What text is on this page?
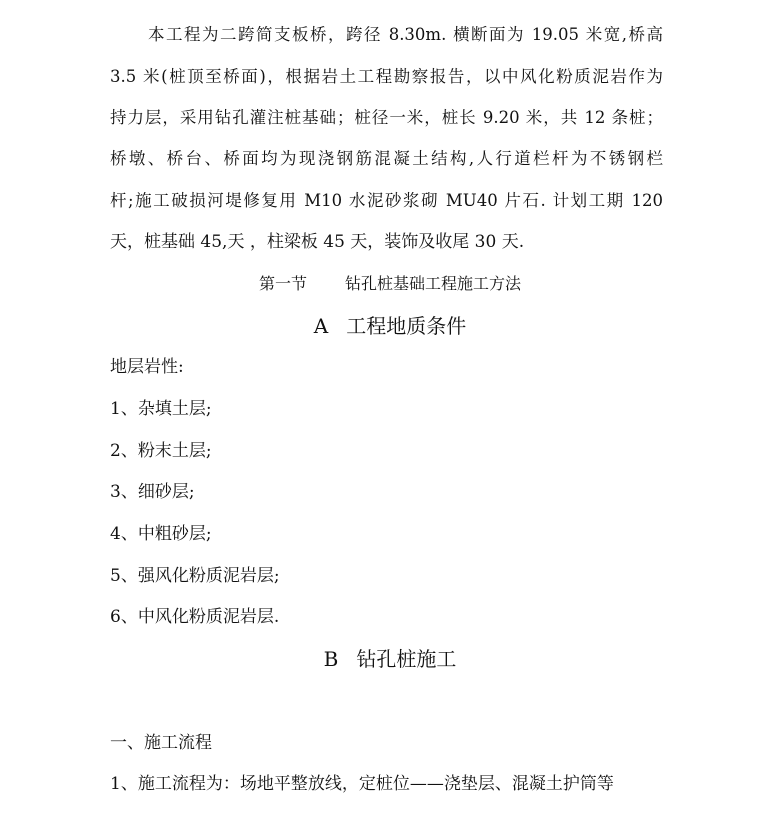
本工程为二跨简支板桥，跨径 8.30m. 横断面为 19.05 米宽,桥高
3.5 米(桩顶至桥面)，根据岩土工程勘察报告，以中风化粉质泥岩作为
持力层，采用钻孔灌注桩基础；桩径一米，桩长 9.20 米，共 12 条桩；
桥墩、桥台、桥面均为现浇钢筋混凝土结构,人行道栏杆为不锈钢栏
杆;施工破损河堤修复用 M10 水泥砂浆砌 MU40 片石. 计划工期 120
天，桩基础 45,天 ，柱梁板 45 天，装饰及收尾 30 天.
第一节 钻孔桩基础工程施工方法
A 工程地质条件
地层岩性:
1、杂填土层;
2、粉末土层;
3、细砂层;
4、中粗砂层;
5、强风化粉质泥岩层;
6、中风化粉质泥岩层.
B 钻孔桩施工
一、施工流程
1、施工流程为：场地平整放线，定桩位——浇垫层、混凝土护筒等
